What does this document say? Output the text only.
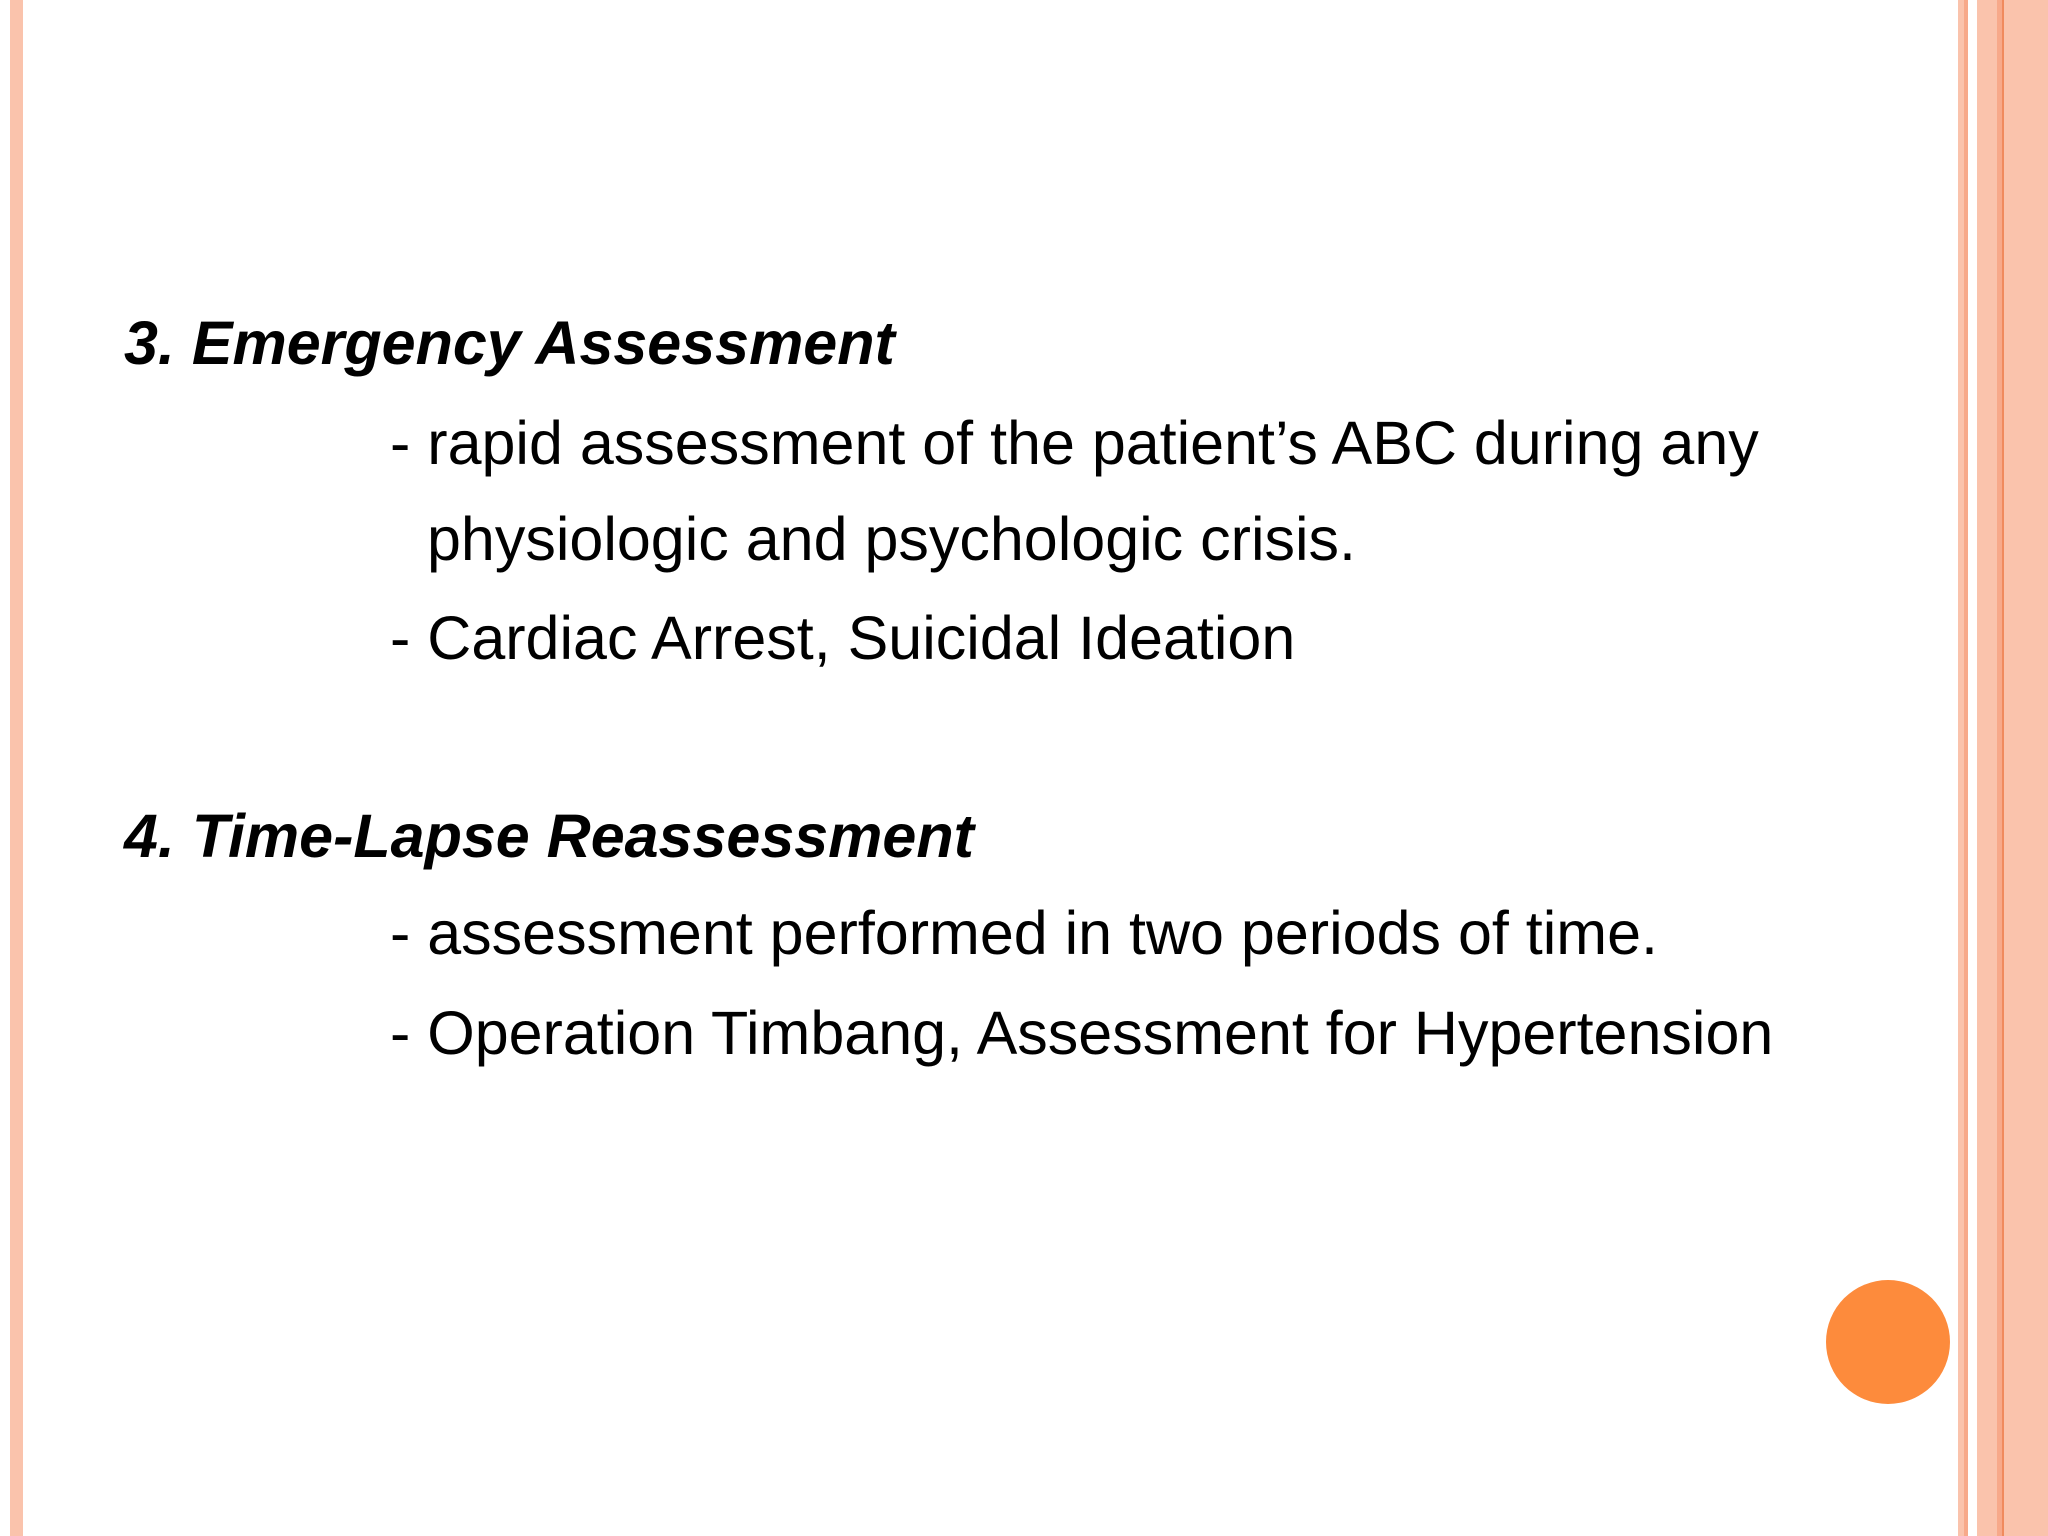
3. Emergency Assessment
- rapid assessment of the patient’s ABC during any
physiologic and psychologic crisis.
- Cardiac Arrest, Suicidal Ideation
4. Time-Lapse Reassessment
- assessment performed in two periods of time.
- Operation Timbang, Assessment for Hypertension
